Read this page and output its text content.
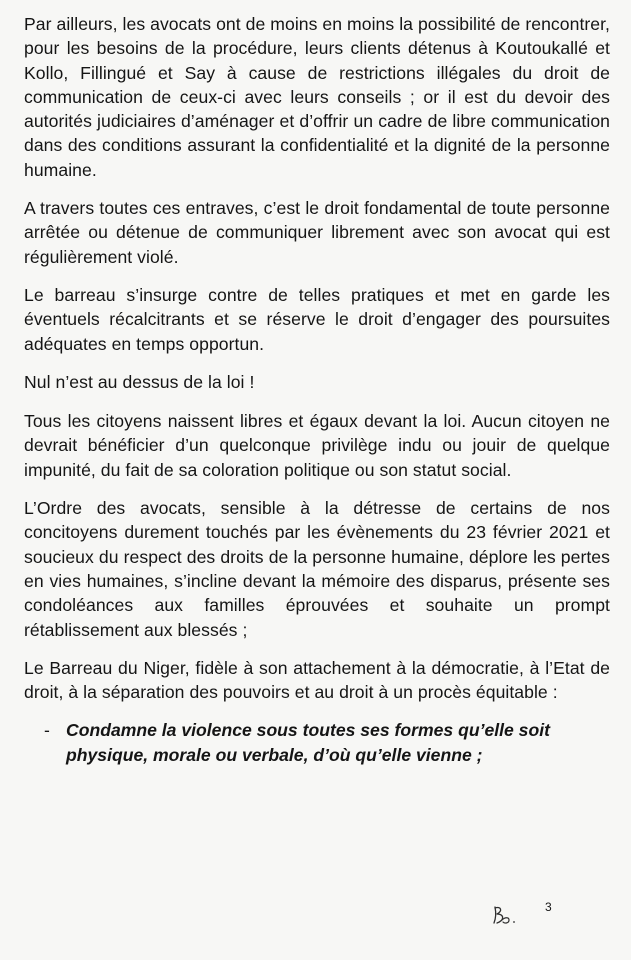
Par ailleurs, les avocats ont de moins en moins la possibilité de rencontrer, pour les besoins de la procédure, leurs clients détenus à Koutoukallé et Kollo, Fillingué et Say à cause de restrictions illégales du droit de communication de ceux-ci avec leurs conseils ; or il est du devoir des autorités judiciaires d’aménager et d’offrir un cadre de libre communication dans des conditions assurant la confidentialité et la dignité de la personne humaine.

A travers toutes ces entraves, c’est le droit fondamental de toute personne arrêtée ou détenue de communiquer librement avec son avocat qui est régulièrement violé.

Le barreau s’insurge contre de telles pratiques et met en garde les éventuels récalcitrants et se réserve le droit d’engager des poursuites adéquates en temps opportun.

Nul n’est au dessus de la loi !

Tous les citoyens naissent libres et égaux devant la loi. Aucun citoyen ne devrait bénéficier d’un quelconque privilège indu ou jouir de quelque impunité, du fait de sa coloration politique ou son statut social.

L’Ordre des avocats, sensible à la détresse de certains de nos concitoyens durement touchés par les évènements du 23 février 2021 et soucieux du respect des droits de la personne humaine, déplore les pertes en vies humaines, s’incline devant la mémoire des disparus, présente ses condoléances aux familles éprouvées et souhaite un prompt rétablissement aux blessés ;

Le Barreau du Niger, fidèle à son attachement à la démocratie, à l’Etat de droit, à la séparation des pouvoirs et au droit à un procès équitable :

- Condamne la violence sous toutes ses formes qu’elle soit physique, morale ou verbale, d’où qu’elle vienne ;
3
